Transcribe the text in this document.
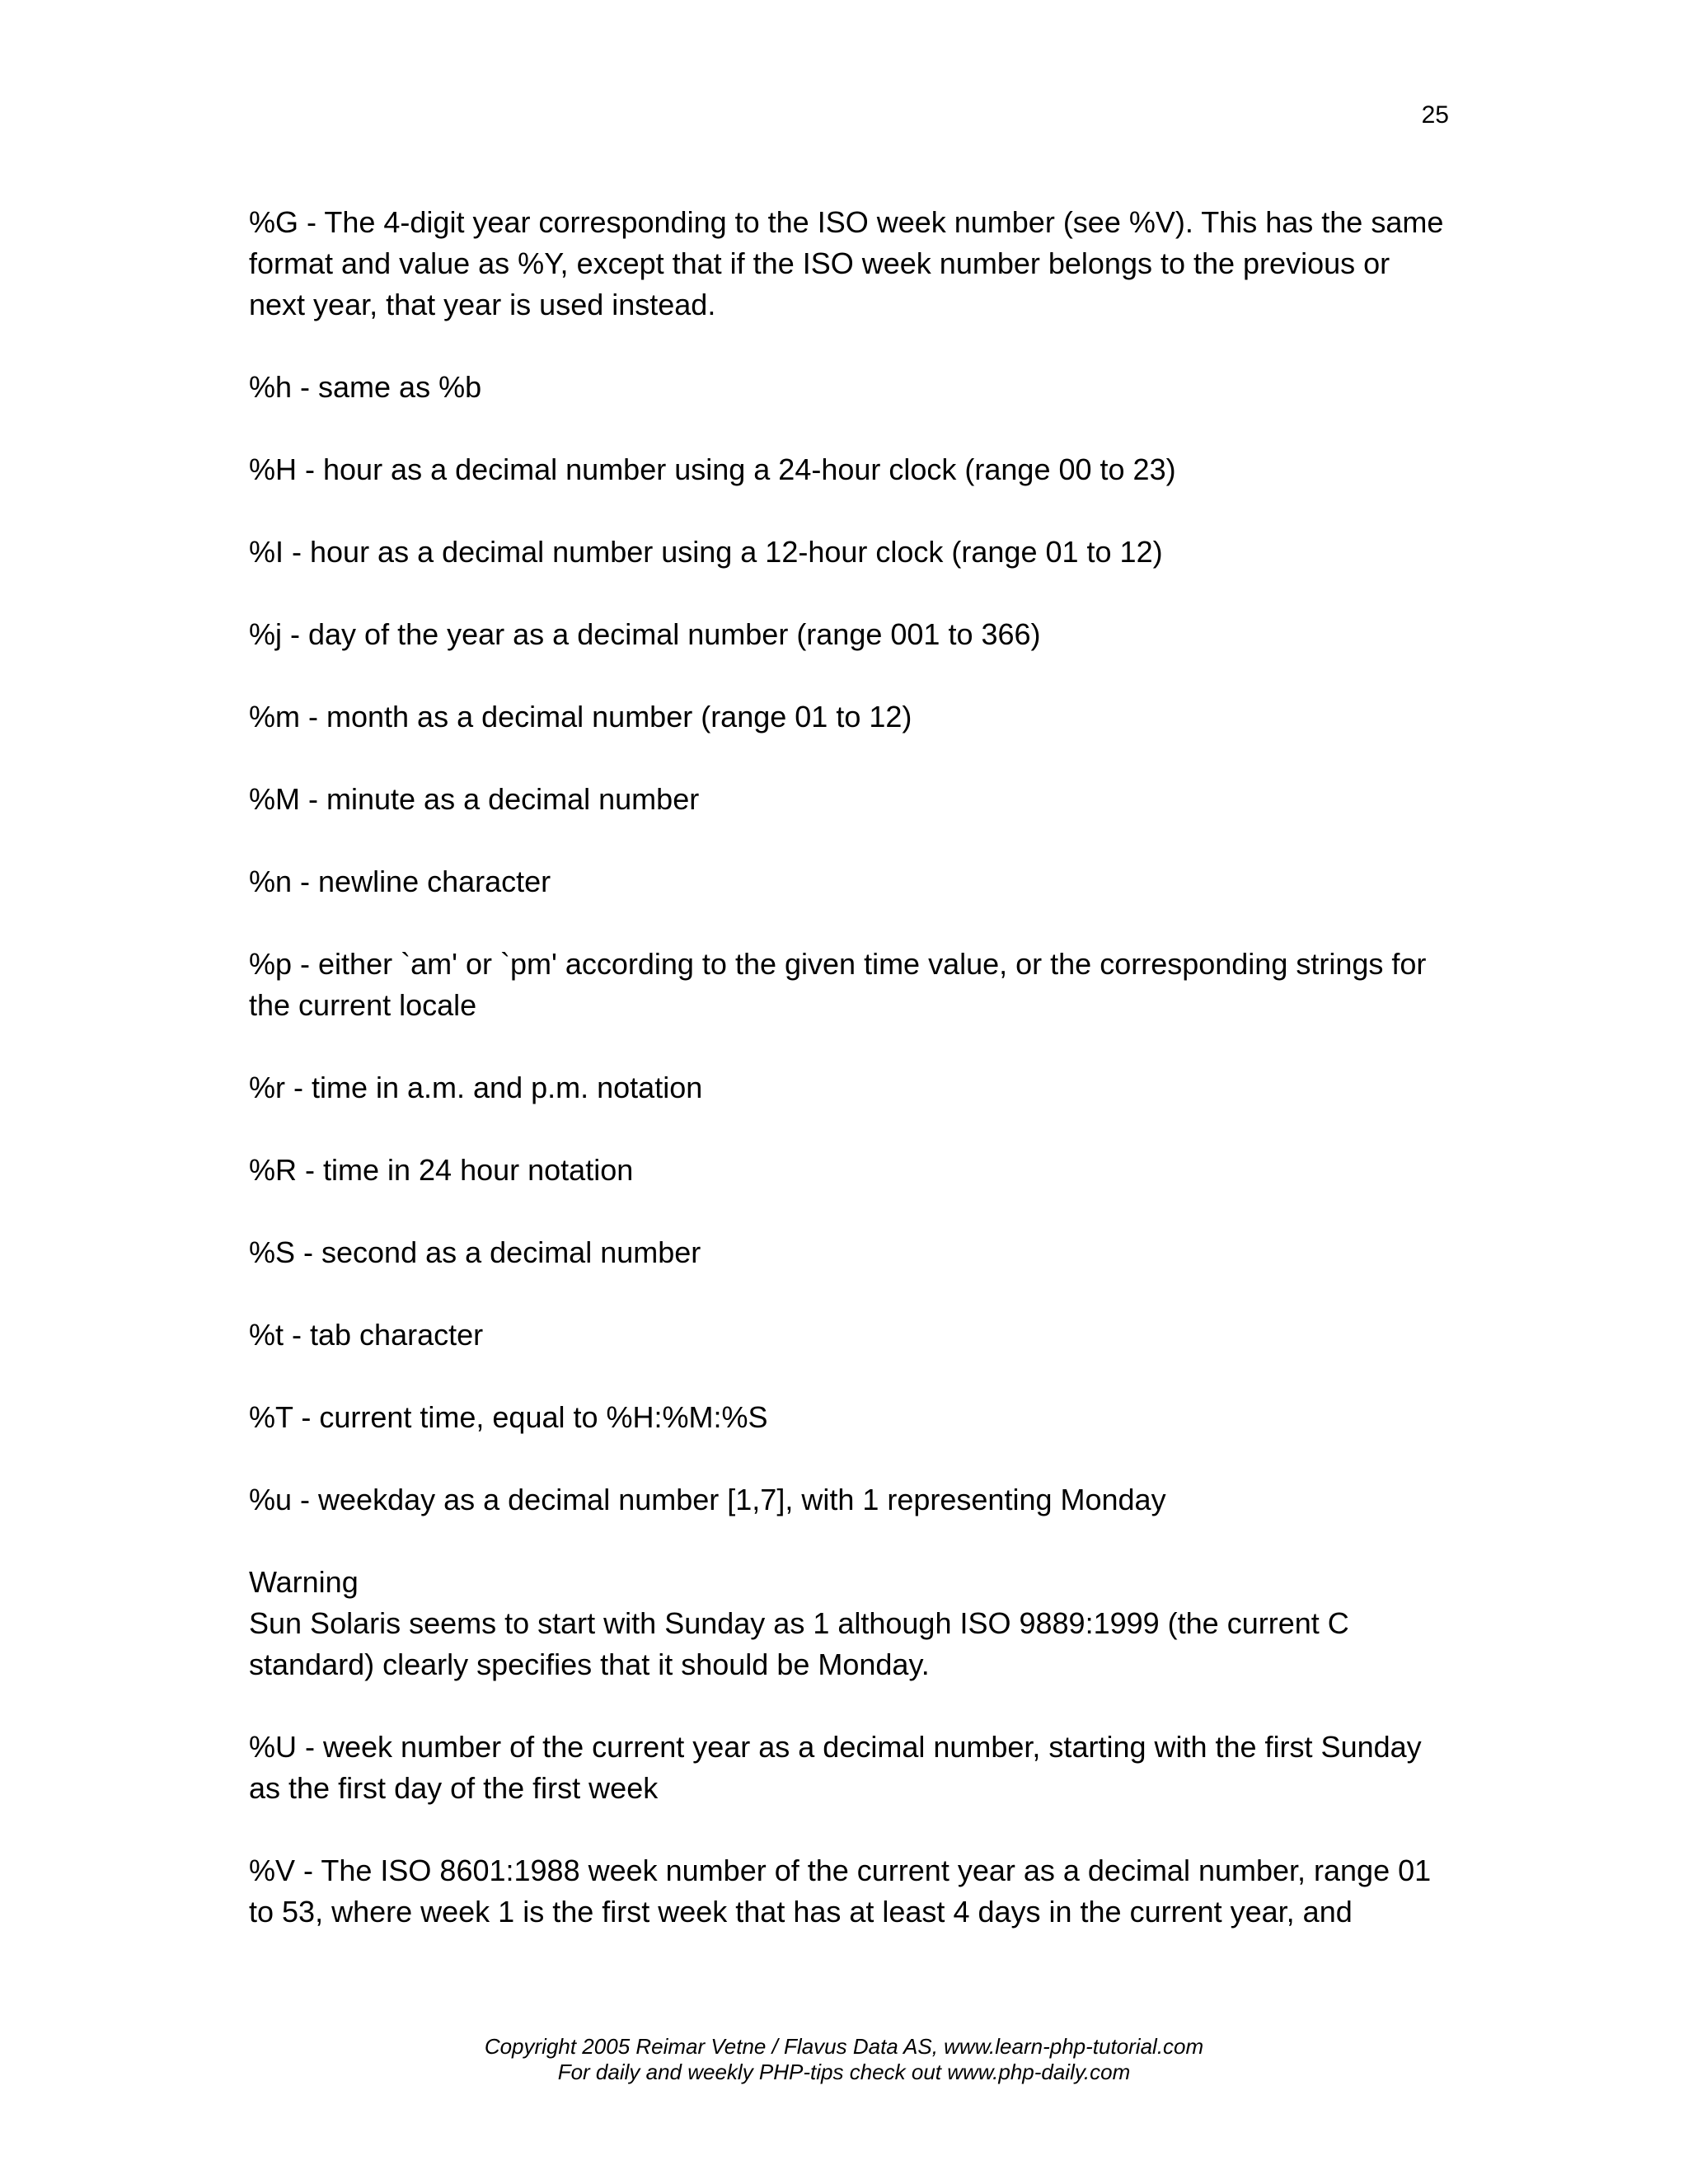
25

%G - The 4-digit year corresponding to the ISO week number (see %V). This has the same format and value as %Y, except that if the ISO week number belongs to the previous or next year, that year is used instead.

%h - same as %b

%H - hour as a decimal number using a 24-hour clock (range 00 to 23)

%I - hour as a decimal number using a 12-hour clock (range 01 to 12)

%j - day of the year as a decimal number (range 001 to 366)

%m - month as a decimal number (range 01 to 12)

%M - minute as a decimal number

%n - newline character

%p - either `am' or `pm' according to the given time value, or the corresponding strings for the current locale

%r - time in a.m. and p.m. notation

%R - time in 24 hour notation

%S - second as a decimal number

%t - tab character

%T - current time, equal to %H:%M:%S

%u - weekday as a decimal number [1,7], with 1 representing Monday

Warning

Sun Solaris seems to start with Sunday as 1 although ISO 9889:1999 (the current C standard) clearly specifies that it should be Monday.

%U - week number of the current year as a decimal number, starting with the first Sunday as the first day of the first week

%V - The ISO 8601:1988 week number of the current year as a decimal number, range 01 to 53, where week 1 is the first week that has at least 4 days in the current year, and

Copyright 2005 Reimar Vetne / Flavus Data AS, www.learn-php-tutorial.com
For daily and weekly PHP-tips check out www.php-daily.com
